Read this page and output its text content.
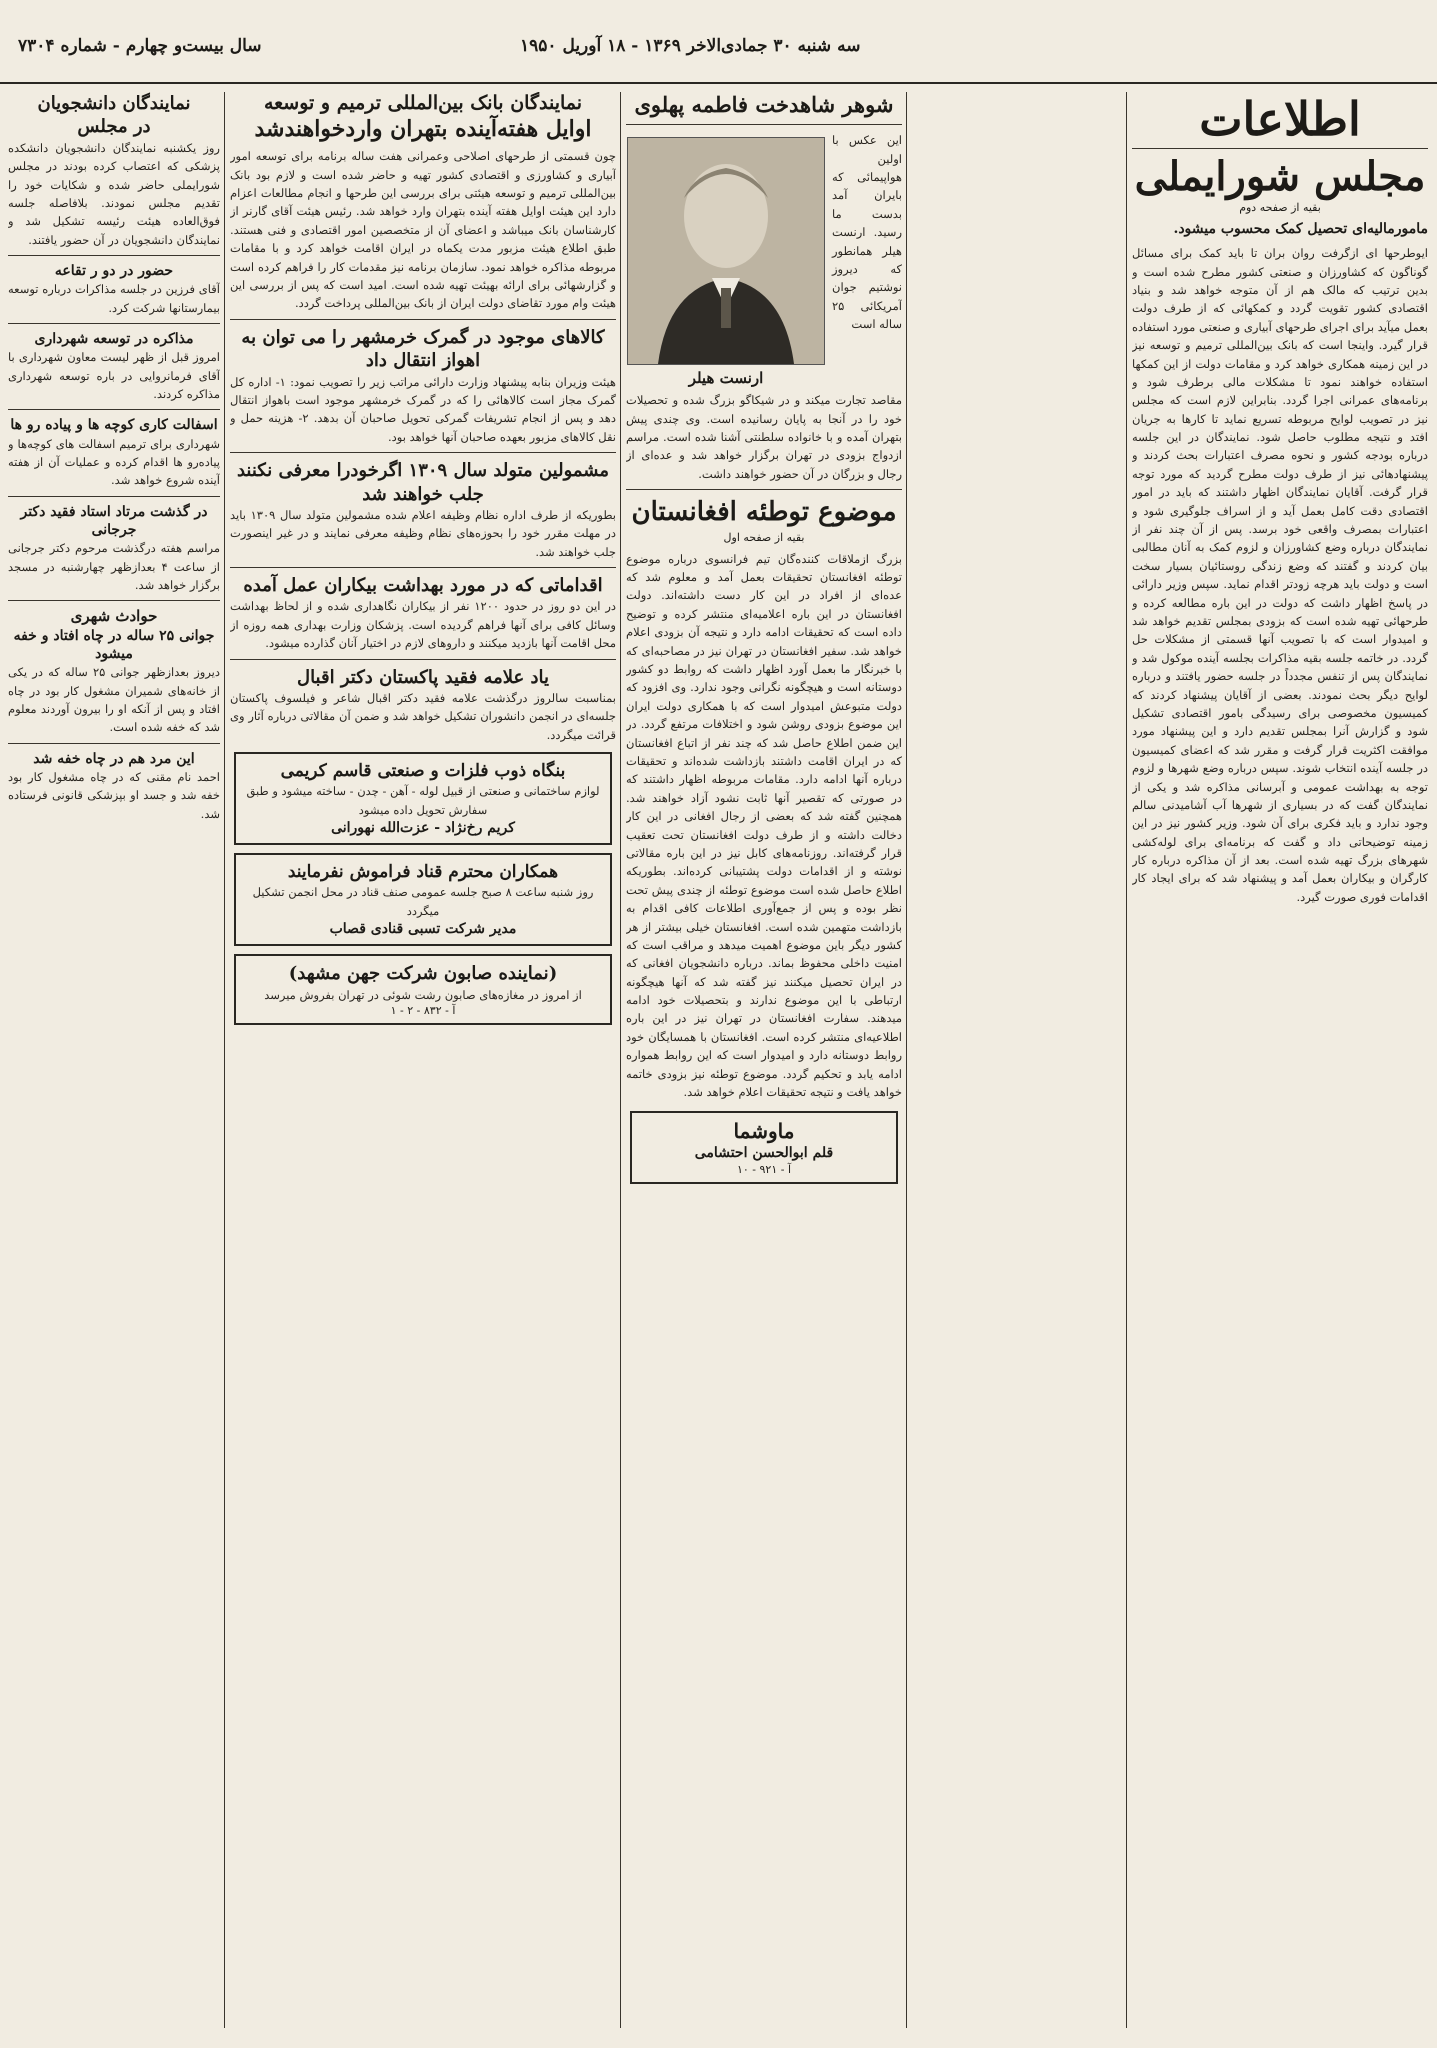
سه شنبه ۳۰ جمادی‌الاخر ۱۳۶۹ - ۱۸ آوریل ۱۹۵۰
سال بیست‌و چهارم - شماره ۷۳۰۴
اطلاعات
مجلس شورایملی
بقیه از صفحه دوم
مامورمالیه‌ای تحصیل کمک محسوب میشود.
ایوطرحها ای ازگرفت روان بران تا باید کمک برای مسائل گوناگون که کشاورزان و صنعتی کشور مطرح شده است و بدین ترتیب که مالک هم از آن متوجه خواهد شد و بنیاد اقتصادی کشور تقویت گردد و کمکهائی که از طرف دولت بعمل میآید برای اجرای طرحهای آبیاری و صنعتی مورد استفاده قرار گیرد. واینجا است که بانک بین‌المللی ترمیم و توسعه نیز در این زمینه همکاری خواهد کرد و مقامات دولت از این کمکها استفاده خواهند نمود تا مشکلات مالی برطرف شود و برنامه‌های عمرانی اجرا گردد. بنابراین لازم است که مجلس نیز در تصویب لوایح مربوطه تسریع نماید تا کارها به جریان افتد و نتیجه مطلوب حاصل شود. نمایندگان در این جلسه درباره بودجه کشور و نحوه مصرف اعتبارات بحث کردند و پیشنهادهائی نیز از طرف دولت مطرح گردید که مورد توجه قرار گرفت. آقایان نمایندگان اظهار داشتند که باید در امور اقتصادی دقت کامل بعمل آید و از اسراف جلوگیری شود و اعتبارات بمصرف واقعی خود برسد. پس از آن چند نفر از نمایندگان درباره وضع کشاورزان و لزوم کمک به آنان مطالبی بیان کردند و گفتند که وضع زندگی روستائیان بسیار سخت است و دولت باید هرچه زودتر اقدام نماید. سپس وزیر دارائی در پاسخ اظهار داشت که دولت در این باره مطالعه کرده و طرحهائی تهیه شده است که بزودی بمجلس تقدیم خواهد شد و امیدوار است که با تصویب آنها قسمتی از مشکلات حل گردد. در خاتمه جلسه بقیه مذاکرات بجلسه آینده موکول شد و نمایندگان پس از تنفس مجدداً در جلسه حضور یافتند و درباره لوایح دیگر بحث نمودند. بعضی از آقایان پیشنهاد کردند که کمیسیون مخصوصی برای رسیدگی بامور اقتصادی تشکیل شود و گزارش آنرا بمجلس تقدیم دارد و این پیشنهاد مورد موافقت اکثریت قرار گرفت و مقرر شد که اعضای کمیسیون در جلسه آینده انتخاب شوند. سپس درباره وضع شهرها و لزوم توجه به بهداشت عمومی و آبرسانی مذاکره شد و یکی از نمایندگان گفت که در بسیاری از شهرها آب آشامیدنی سالم وجود ندارد و باید فکری برای آن شود. وزیر کشور نیز در این زمینه توضیحاتی داد و گفت که برنامه‌ای برای لوله‌کشی شهرهای بزرگ تهیه شده است. بعد از آن مذاکره درباره کار کارگران و بیکاران بعمل آمد و پیشنهاد شد که برای ایجاد کار اقدامات فوری صورت گیرد.
شوهر شاهدخت فاطمه پهلوی
این عکس با اولین هواپیمائی که بایران آمد بدست ما رسید. ارنست هیلر همانطور که دیروز نوشتیم جوان آمریکائی ۲۵ ساله است
ارنست هیلر
مقاصد تجارت میکند و در شیکاگو بزرگ شده و تحصیلات خود را در آنجا به پایان رسانیده است. وی چندی پیش بتهران آمده و با خانواده سلطنتی آشنا شده است. مراسم ازدواج بزودی در تهران برگزار خواهد شد و عده‌ای از رجال و بزرگان در آن حضور خواهند داشت.
موضوع توطئه افغانستان
بقیه از صفحه اول
بزرگ ازملاقات کننده‌گان تیم فرانسوی درباره موضوع توطئه افغانستان تحقیقات بعمل آمد و معلوم شد که عده‌ای از افراد در این کار دست داشته‌اند. دولت افغانستان در این باره اعلامیه‌ای منتشر کرده و توضیح داده است که تحقیقات ادامه دارد و نتیجه آن بزودی اعلام خواهد شد. سفیر افغانستان در تهران نیز در مصاحبه‌ای که با خبرنگار ما بعمل آورد اظهار داشت که روابط دو کشور دوستانه است و هیچگونه نگرانی وجود ندارد. وی افزود که دولت متبوعش امیدوار است که با همکاری دولت ایران این موضوع بزودی روشن شود و اختلافات مرتفع گردد. در این ضمن اطلاع حاصل شد که چند نفر از اتباع افغانستان که در ایران اقامت داشتند بازداشت شده‌اند و تحقیقات درباره آنها ادامه دارد. مقامات مربوطه اظهار داشتند که در صورتی که تقصیر آنها ثابت نشود آزاد خواهند شد. همچنین گفته شد که بعضی از رجال افغانی در این کار دخالت داشته و از طرف دولت افغانستان تحت تعقیب قرار گرفته‌اند. روزنامه‌های کابل نیز در این باره مقالاتی نوشته و از اقدامات دولت پشتیبانی کرده‌اند. بطوریکه اطلاع حاصل شده است موضوع توطئه از چندی پیش تحت نظر بوده و پس از جمع‌آوری اطلاعات کافی اقدام به بازداشت متهمین شده است. افغانستان خیلی بیشتر از هر کشور دیگر باین موضوع اهمیت میدهد و مراقب است که امنیت داخلی محفوظ بماند. درباره دانشجویان افغانی که در ایران تحصیل میکنند نیز گفته شد که آنها هیچگونه ارتباطی با این موضوع ندارند و بتحصیلات خود ادامه میدهند. سفارت افغانستان در تهران نیز در این باره اطلاعیه‌ای منتشر کرده است. افغانستان با همسایگان خود روابط دوستانه دارد و امیدوار است که این روابط همواره ادامه یابد و تحکیم گردد. موضوع توطئه نیز بزودی خاتمه خواهد یافت و نتیجه تحقیقات اعلام خواهد شد.
ماوشما
قلم ابوالحسن احتشامی
آ - ۹۲۱ - ۱۰
نمایندگان بانک بین‌المللی ترمیم و توسعه
اوایل هفته‌آینده بتهران واردخواهندشد
چون قسمتی از طرحهای اصلاحی وعمرانی هفت ساله برنامه برای توسعه امور آبیاری و کشاورزی و اقتصادی کشور تهیه و حاضر شده است و لازم بود بانک بین‌المللی ترمیم و توسعه هیئتی برای بررسی این طرحها و انجام مطالعات اعزام دارد این هیئت اوایل هفته آینده بتهران وارد خواهد شد. رئیس هیئت آقای گارنر از کارشناسان بانک میباشد و اعضای آن از متخصصین امور اقتصادی و فنی هستند. طبق اطلاع هیئت مزبور مدت یکماه در ایران اقامت خواهد کرد و با مقامات مربوطه مذاکره خواهد نمود. سازمان برنامه نیز مقدمات کار را فراهم کرده است و گزارشهائی برای ارائه بهیئت تهیه شده است. امید است که پس از بررسی این هیئت وام مورد تقاضای دولت ایران از بانک بین‌المللی پرداخت گردد.
کالاهای موجود در گمرک خرمشهر را می توان به اهواز انتقال داد
هیئت وزیران بنابه پیشنهاد وزارت دارائی مراتب زیر را تصویب نمود: ۱- اداره کل گمرک مجاز است کالاهائی را که در گمرک خرمشهر موجود است باهواز انتقال دهد و پس از انجام تشریفات گمرکی تحویل صاحبان آن بدهد. ۲- هزینه حمل و نقل کالاهای مزبور بعهده صاحبان آنها خواهد بود.
مشمولین متولد سال ۱۳۰۹ اگرخودرا معرفی نکنند جلب خواهند شد
بطوریکه از طرف اداره نظام وظیفه اعلام شده مشمولین متولد سال ۱۳۰۹ باید در مهلت مقرر خود را بحوزه‌های نظام وظیفه معرفی نمایند و در غیر اینصورت جلب خواهند شد.
اقداماتی که در مورد بهداشت بیکاران عمل آمده
در این دو روز در حدود ۱۲۰۰ نفر از بیکاران نگاهداری شده و از لحاظ بهداشت وسائل کافی برای آنها فراهم گردیده است. پزشکان وزارت بهداری همه روزه از محل اقامت آنها بازدید میکنند و داروهای لازم در اختیار آنان گذارده میشود.
یاد علامه فقید پاکستان دکتر اقبال
بمناسبت سالروز درگذشت علامه فقید دکتر اقبال شاعر و فیلسوف پاکستان جلسه‌ای در انجمن دانشوران تشکیل خواهد شد و ضمن آن مقالاتی درباره آثار وی قرائت میگردد.
بنگاه ذوب فلزات و صنعتی قاسم کریمی
لوازم ساختمانی و صنعتی از قبیل لوله - آهن - چدن - ساخته میشود و طبق سفارش تحویل داده میشود
کریم رخ‌نژاد - عزت‌الله نهورانی
همکاران محترم قناد فراموش نفرمایند
روز شنبه ساعت ۸ صبح جلسه عمومی صنف قناد در محل انجمن تشکیل میگردد
مدیر شرکت تسبی قنادی قصاب
(نماینده صابون شرکت جهن مشهد)
از امروز در مغازه‌های صابون رشت شوئی در تهران بفروش میرسد
آ - ۸۳۲ - ۲ - ۱
نمایندگان دانشجویان
در مجلس
روز یکشنبه نمایندگان دانشجویان دانشکده پزشکی که اعتصاب کرده بودند در مجلس شورایملی حاضر شده و شکایات خود را تقدیم مجلس نمودند. بلافاصله جلسه فوق‌العاده هیئت رئیسه تشکیل شد و نمایندگان دانشجویان در آن حضور یافتند.
حضور در دو ر تقاعه
آقای فرزین در جلسه مذاکرات درباره توسعه بیمارستانها شرکت کرد.
مذاکره در توسعه شهرداری
امروز قبل از ظهر لیست معاون شهرداری با آقای فرمانروایی در باره توسعه شهرداری مذاکره کردند.
اسفالت کاری کوچه ها و پیاده رو ها
شهرداری برای ترمیم اسفالت های کوچه‌ها و پیاده‌رو ها اقدام کرده و عملیات آن از هفته آینده شروع خواهد شد.
در گذشت مرتاد استاد فقید دکتر جرجانی
مراسم هفته درگذشت مرحوم دکتر جرجانی از ساعت ۴ بعدازظهر چهارشنبه در مسجد برگزار خواهد شد.
حوادث شهری
جوانی ۲۵ ساله در چاه افتاد و خفه میشود
دیروز بعدازظهر جوانی ۲۵ ساله که در یکی از خانه‌های شمیران مشغول کار بود در چاه افتاد و پس از آنکه او را بیرون آوردند معلوم شد که خفه شده است.
این مرد هم در چاه خفه شد
احمد نام مقنی که در چاه مشغول کار بود خفه شد و جسد او بپزشکی قانونی فرستاده شد.
